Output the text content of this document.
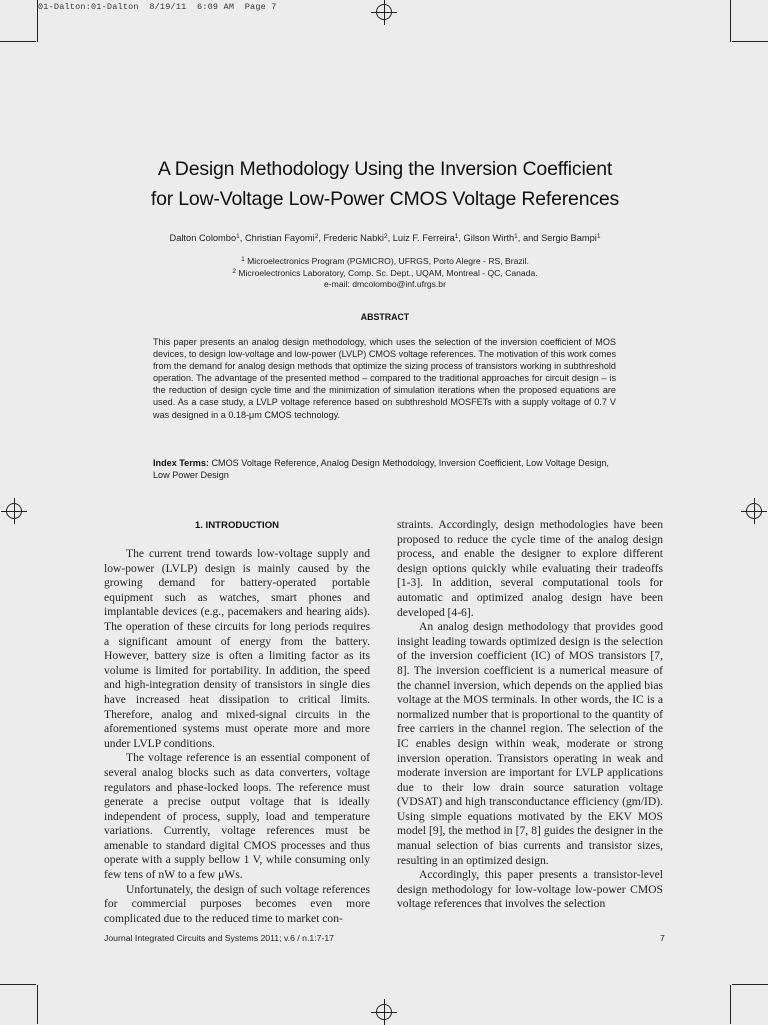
01-Dalton:01-Dalton  8/19/11  6:09 AM  Page 7
A Design Methodology Using the Inversion Coefficient
for Low-Voltage Low-Power CMOS Voltage References
Dalton Colombo$^1$, Christian Fayomi$^2$, Frederic Nabki$^2$, Luiz F. Ferreira$^1$, Gilson Wirth$^1$, and Sergio Bampi$^1$
$^1$ Microelectronics Program (PGMICRO), UFRGS, Porto Alegre - RS, Brazil.
$^2$ Microelectronics Laboratory, Comp. Sc. Dept., UQAM, Montreal - QC, Canada.
e-mail: dmcolombo@inf.ufrgs.br
ABSTRACT
This paper presents an analog design methodology, which uses the selection of the inversion coefficient of MOS devices, to design low-voltage and low-power (LVLP) CMOS voltage references. The motivation of this work comes from the demand for analog design methods that optimize the sizing process of transistors working in subthreshold operation. The advantage of the presented method – compared to the traditional approaches for circuit design – is the reduction of design cycle time and the minimization of simulation iterations when the proposed equations are used. As a case study, a LVLP voltage reference based on subthreshold MOSFETs with a supply voltage of 0.7 V was designed in a 0.18-μm CMOS technology.
Index Terms: CMOS Voltage Reference, Analog Design Methodology, Inversion Coefficient, Low Voltage Design, Low Power Design
1. INTRODUCTION

The current trend towards low-voltage supply and low-power (LVLP) design is mainly caused by the growing demand for battery-operated portable equipment such as watches, smart phones and implantable devices (e.g., pacemakers and hearing aids). The operation of these circuits for long periods requires a significant amount of energy from the battery. However, battery size is often a limiting factor as its volume is limited for portability. In addition, the speed and high-integration density of transistors in single dies have increased heat dissipation to critical limits. Therefore, analog and mixed-signal circuits in the aforementioned systems must operate more and more under LVLP conditions.

The voltage reference is an essential component of several analog blocks such as data converters, voltage regulators and phase-locked loops. The reference must generate a precise output voltage that is ideally independent of process, supply, load and temperature variations. Currently, voltage references must be amenable to standard digital CMOS processes and thus operate with a supply bellow 1 V, while consuming only few tens of nW to a few μWs.

Unfortunately, the design of such voltage references for commercial purposes becomes even more complicated due to the reduced time to market con-

straints. Accordingly, design methodologies have been proposed to reduce the cycle time of the analog design process, and enable the designer to explore different design options quickly while evaluating their tradeoffs [1-3]. In addition, several computational tools for automatic and optimized analog design have been developed [4-6].

An analog design methodology that provides good insight leading towards optimized design is the selection of the inversion coefficient (IC) of MOS transistors [7, 8]. The inversion coefficient is a numerical measure of the channel inversion, which depends on the applied bias voltage at the MOS terminals. In other words, the IC is a normalized number that is proportional to the quantity of free carriers in the channel region. The selection of the IC enables design within weak, moderate or strong inversion operation. Transistors operating in weak and moderate inversion are important for LVLP applications due to their low drain source saturation voltage (VDSAT) and high transconductance efficiency (gm/ID). Using simple equations motivated by the EKV MOS model [9], the method in [7, 8] guides the designer in the manual selection of bias currents and transistor sizes, resulting in an optimized design.

Accordingly, this paper presents a transistor-level design methodology for low-voltage low-power CMOS voltage references that involves the selection

Journal Integrated Circuits and Systems 2011; v.6 / n.1:7-17	7
